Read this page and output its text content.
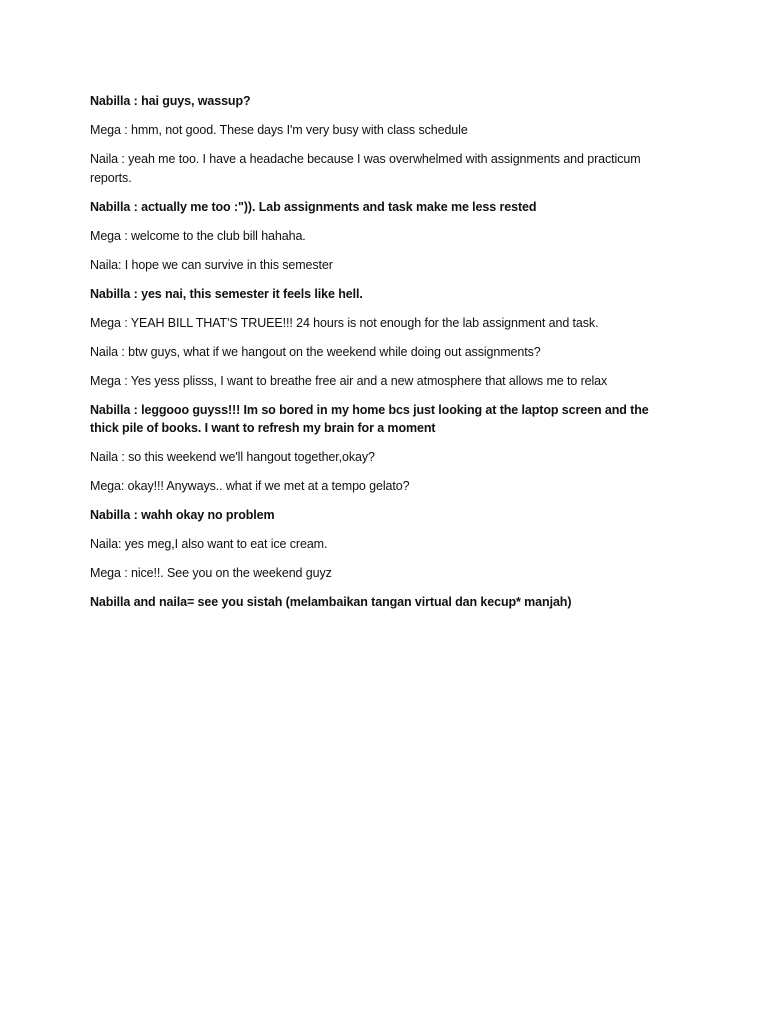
Nabilla : hai guys, wassup?

Mega : hmm, not good. These days I'm very busy with class schedule

Naila : yeah me too. I have a headache because I was overwhelmed with assignments and practicum reports.

Nabilla : actually me too :")). Lab assignments and task make me less rested

Mega : welcome to the club bill hahaha.

Naila: I hope we can survive in this semester

Nabilla : yes nai, this semester it feels like hell.

Mega : YEAH BILL THAT'S TRUEE!!! 24 hours is not enough for the lab assignment and task.

Naila : btw guys, what if we hangout on the weekend while doing out assignments?

Mega : Yes yess plisss, I want to breathe free air and a new atmosphere that allows me to relax

Nabilla : leggooo guyss!!! Im so bored in my home bcs just looking at the laptop screen and the thick pile of books. I want to refresh my brain for a moment

Naila : so this weekend we'll hangout together,okay?

Mega: okay!!! Anyways.. what if we met at a tempo gelato?

Nabilla : wahh okay no problem

Naila: yes meg,I also want to eat ice cream.

Mega : nice!!. See you on the weekend guyz

Nabilla and naila= see you sistah (melambaikan tangan virtual dan kecup* manjah)
